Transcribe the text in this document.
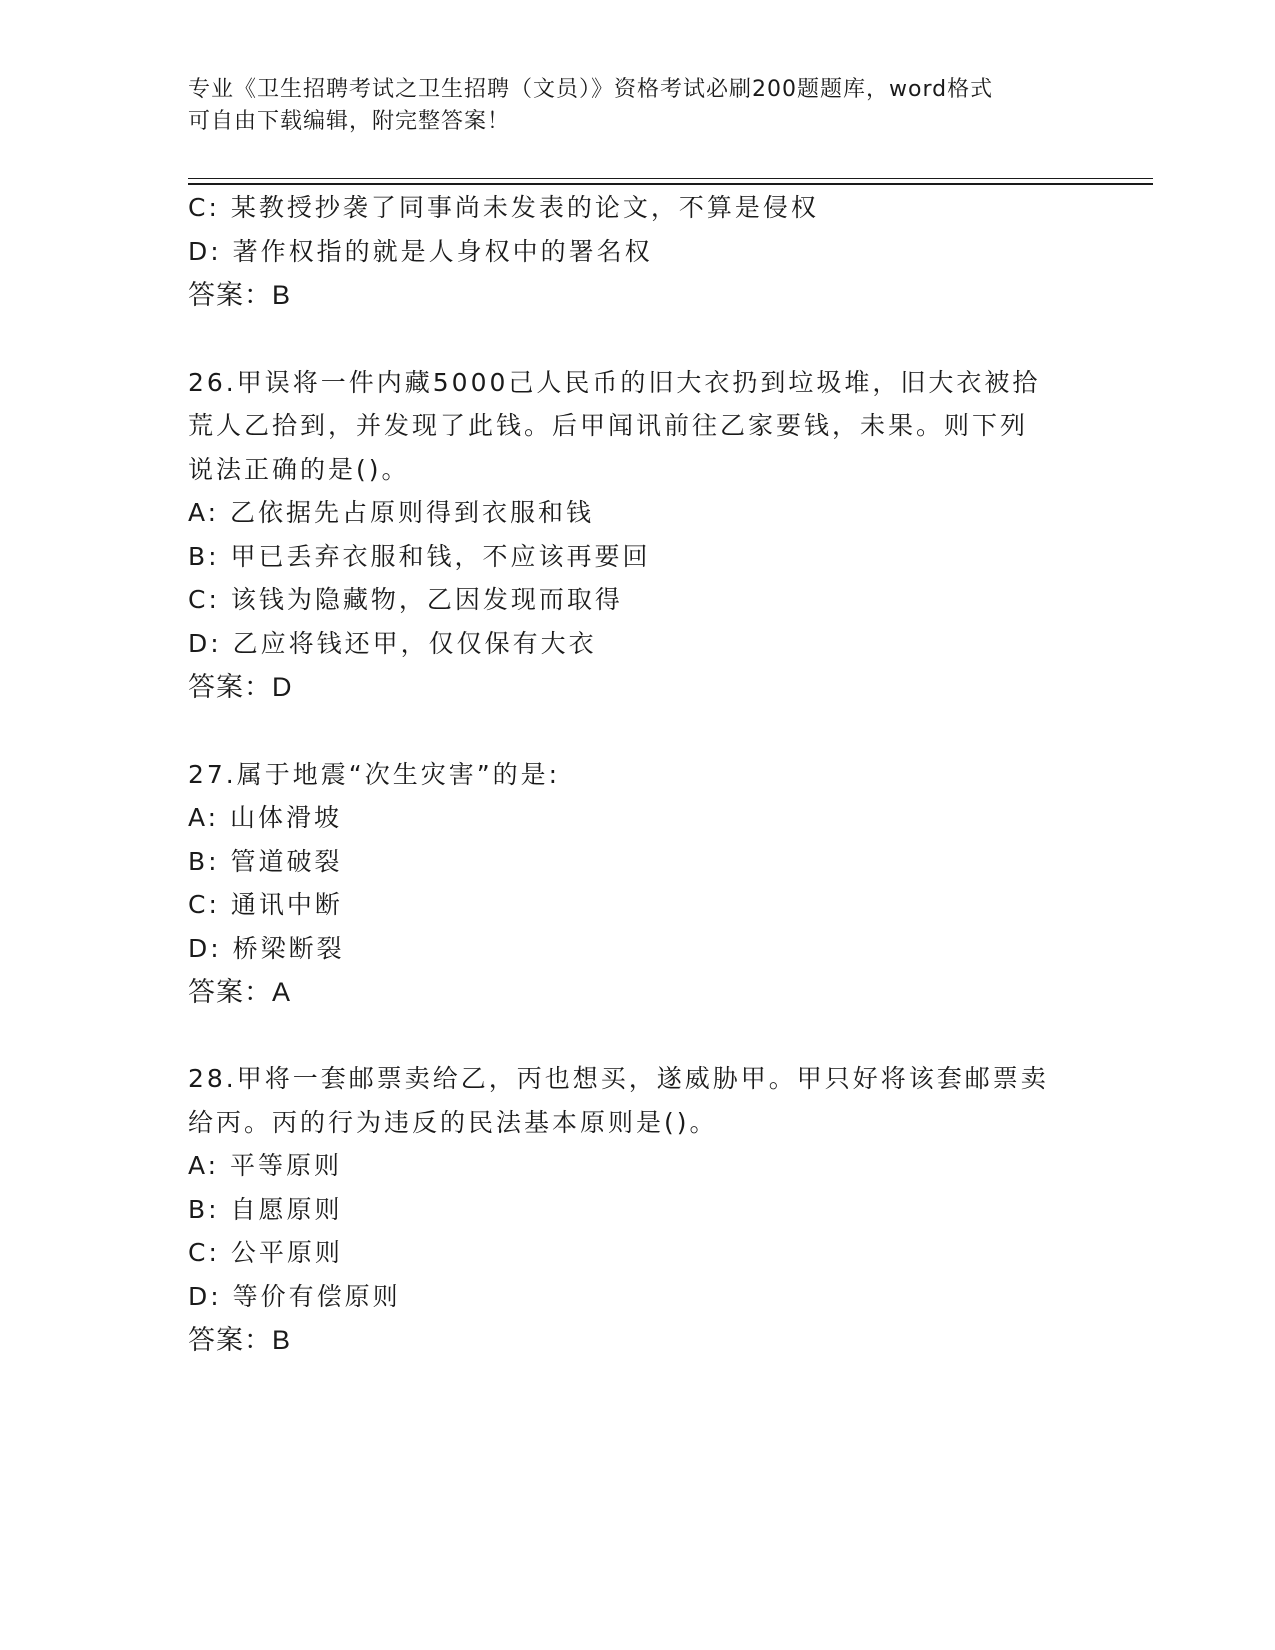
专业《卫生招聘考试之卫生招聘（文员）》资格考试必刷200题题库，word格式
可自由下载编辑，附完整答案！
C: 某教授抄袭了同事尚未发表的论文，不算是侵权
D: 著作权指的就是人身权中的署名权
答案：B
26.甲误将一件内藏5000己人民币的旧大衣扔到垃圾堆，旧大衣被拾
荒人乙拾到，并发现了此钱。后甲闻讯前往乙家要钱，未果。则下列
说法正确的是()。
A: 乙依据先占原则得到衣服和钱
B: 甲已丢弃衣服和钱，不应该再要回
C: 该钱为隐藏物，乙因发现而取得
D: 乙应将钱还甲，仅仅保有大衣
答案：D
27.属于地震“次生灾害”的是:
A: 山体滑坡
B: 管道破裂
C: 通讯中断
D: 桥梁断裂
答案：A
28.甲将一套邮票卖给乙，丙也想买，遂威胁甲。甲只好将该套邮票卖
给丙。丙的行为违反的民法基本原则是()。
A: 平等原则
B: 自愿原则
C: 公平原则
D: 等价有偿原则
答案：B
